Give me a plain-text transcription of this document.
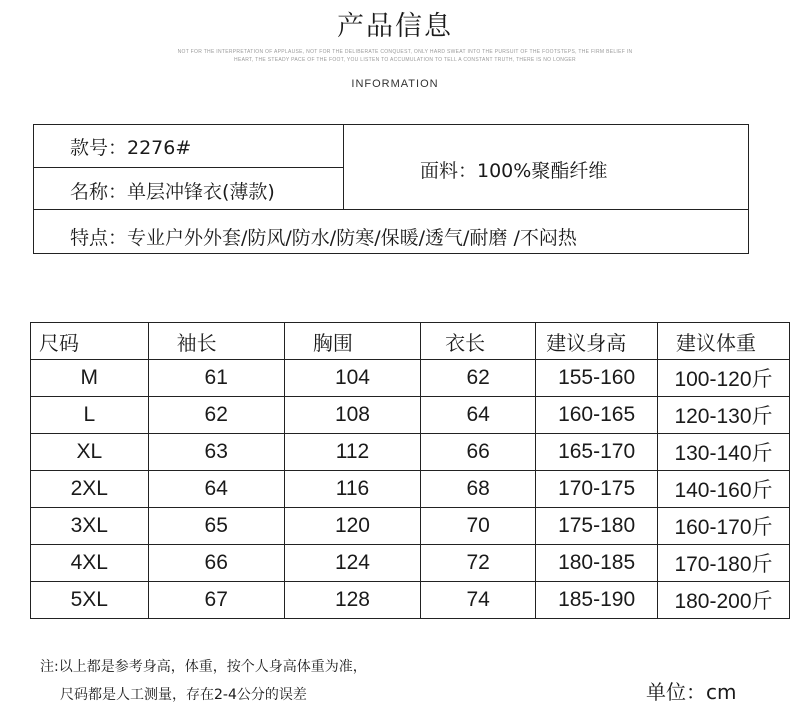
产品信息
NOT FOR THE INTERPRETATION OF APPLAUSE, NOT FOR THE DELIBERATE CONQUEST, ONLY HARD SWEAT INTO THE PURSUIT OF THE FOOTSTEPS, THE FIRM BELIEF IN
HEART, THE STEADY PACE OF THE FOOT, YOU LISTEN TO ACCUMULATION TO TELL A CONSTANT TRUTH, THERE IS NO LONGER
INFORMATION
款号：2276#
名称：单层冲锋衣(薄款)
面料：100%聚酯纤维
特点：专业户外外套/防风/防水/防寒/保暖/透气/耐磨 /不闷热
尺码	袖长	胸围	衣长	建议身高	建议体重
M	61	104	62	155-160	100-120斤
L	62	108	64	160-165	120-130斤
XL	63	112	66	165-170	130-140斤
2XL	64	116	68	170-175	140-160斤
3XL	65	120	70	175-180	160-170斤
4XL	66	124	72	180-185	170-180斤
5XL	67	128	74	185-190	180-200斤
注:以上都是参考身高，体重，按个人身高体重为准，
尺码都是人工测量，存在2-4公分的误差	单位：cm
